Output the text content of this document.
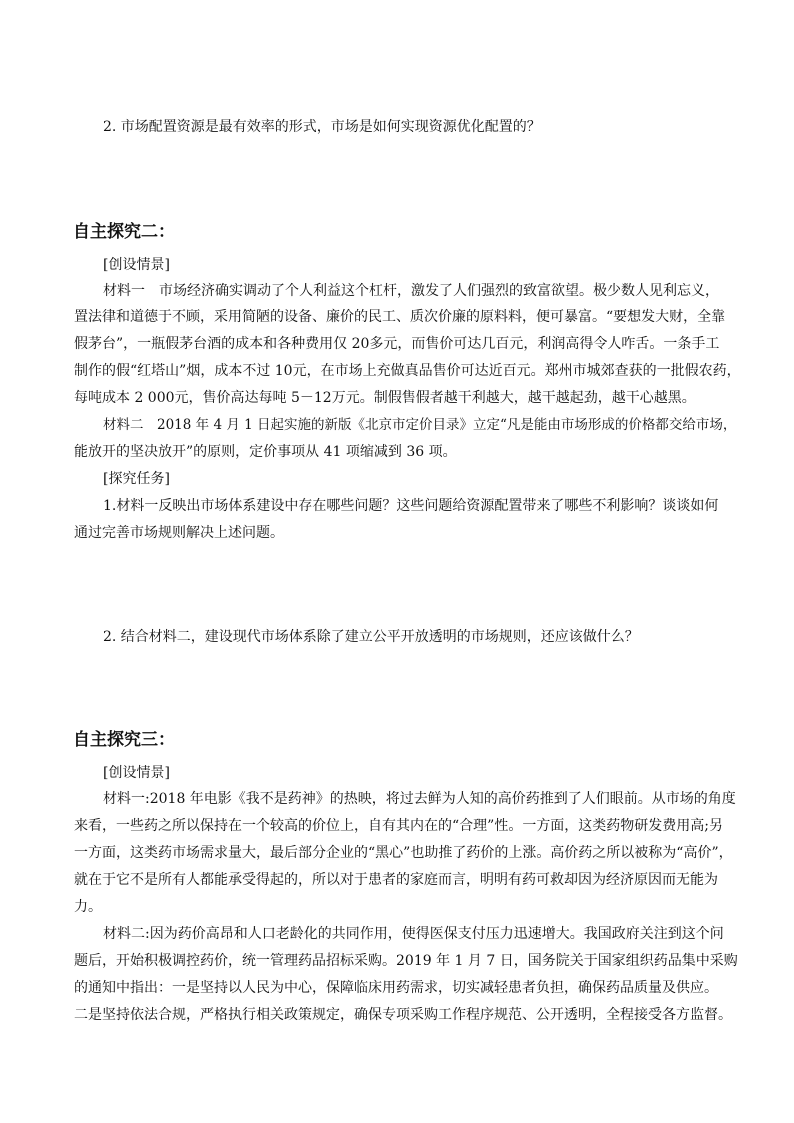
2. 市场配置资源是最有效率的形式，市场是如何实现资源优化配置的？
自主探究二：
[创设情景]
材料一　市场经济确实调动了个人利益这个杠杆，激发了人们强烈的致富欲望。极少数人见利忘义，
置法律和道德于不顾，采用简陋的设备、廉价的民工、质次价廉的原料料，便可暴富。“要想发大财，全靠
假茅台”，一瓶假茅台酒的成本和各种费用仅 20多元，而售价可达几百元，利润高得令人咋舌。一条手工
制作的假“红塔山”烟，成本不过 10元，在市场上充做真品售价可达近百元。郑州市城郊查获的一批假农药，
每吨成本 2 000元，售价高达每吨 5－12万元。制假售假者越干利越大，越干越起劲，越干心越黑。
材料二　2018 年 4 月 1 日起实施的新版《北京市定价目录》立定“凡是能由市场形成的价格都交给市场，
能放开的坚决放开”的原则，定价事项从 41 项缩减到 36 项。
[探究任务]
1.材料一反映出市场体系建设中存在哪些问题？这些问题给资源配置带来了哪些不利影响？谈谈如何
通过完善市场规则解决上述问题。
2. 结合材料二，建设现代市场体系除了建立公平开放透明的市场规则，还应该做什么？
自主探究三：
[创设情景]
材料一:2018 年电影《我不是药神》的热映，将过去鲜为人知的高价药推到了人们眼前。从市场的角度
来看，一些药之所以保持在一个较高的价位上，自有其内在的“合理”性。一方面，这类药物研发费用高;另
一方面，这类药市场需求量大，最后部分企业的“黑心”也助推了药价的上涨。高价药之所以被称为“高价”，
就在于它不是所有人都能承受得起的，所以对于患者的家庭而言，明明有药可救却因为经济原因而无能为
力。
材料二:因为药价高昂和人口老龄化的共同作用，使得医保支付压力迅速增大。我国政府关注到这个问
题后，开始积极调控药价，统一管理药品招标采购。2019 年 1 月 7 日，国务院关于国家组织药品集中采购
的通知中指出：一是坚持以人民为中心，保障临床用药需求，切实减轻患者负担，确保药品质量及供应。
二是坚持依法合规，严格执行相关政策规定，确保专项采购工作程序规范、公开透明，全程接受各方监督。
